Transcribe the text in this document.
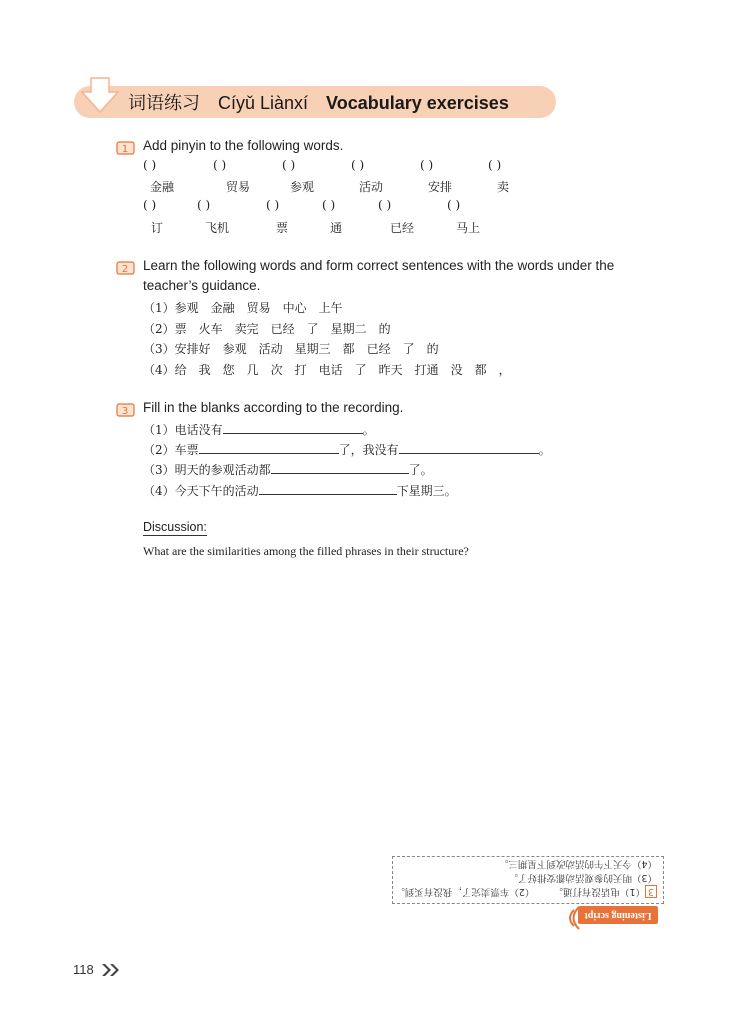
词语练习 Cíyǔ Liànxí Vocabulary exercises
1 Add pinyin to the following words.
( )	( )	( )	( )	( )	( )
金融	贸易	参观	活动	安排	卖
( )	( )	( )	( )	( )	( )
订	飞机	票	通	已经	马上
2 Learn the following words and form correct sentences with the words under the
teacher’s guidance.
（1）参观　金融　贸易　中心　上午
（2）票　火车　卖完　已经　了　星期二　的
（3）安排好　参观　活动　星期三　都　已经　了　的
（4）给　我　您　几　次　打　电话　了　昨天　打通　没　都　，
3 Fill in the blanks according to the recording.
（1）电话没有	。
（2）车票	了，我没有	。
（3）明天的参观活动都	了。
（4）今天下午的活动	下星期三。
Discussion:
What are the similarities among the filled phrases in their structure?
3（1）电话没有打通。　　　（2）车票卖完了，我没有买到。
（3）明天的参观活动都安排好了。
（4）今天下午的活动改到下星期三。
Listening script
118
